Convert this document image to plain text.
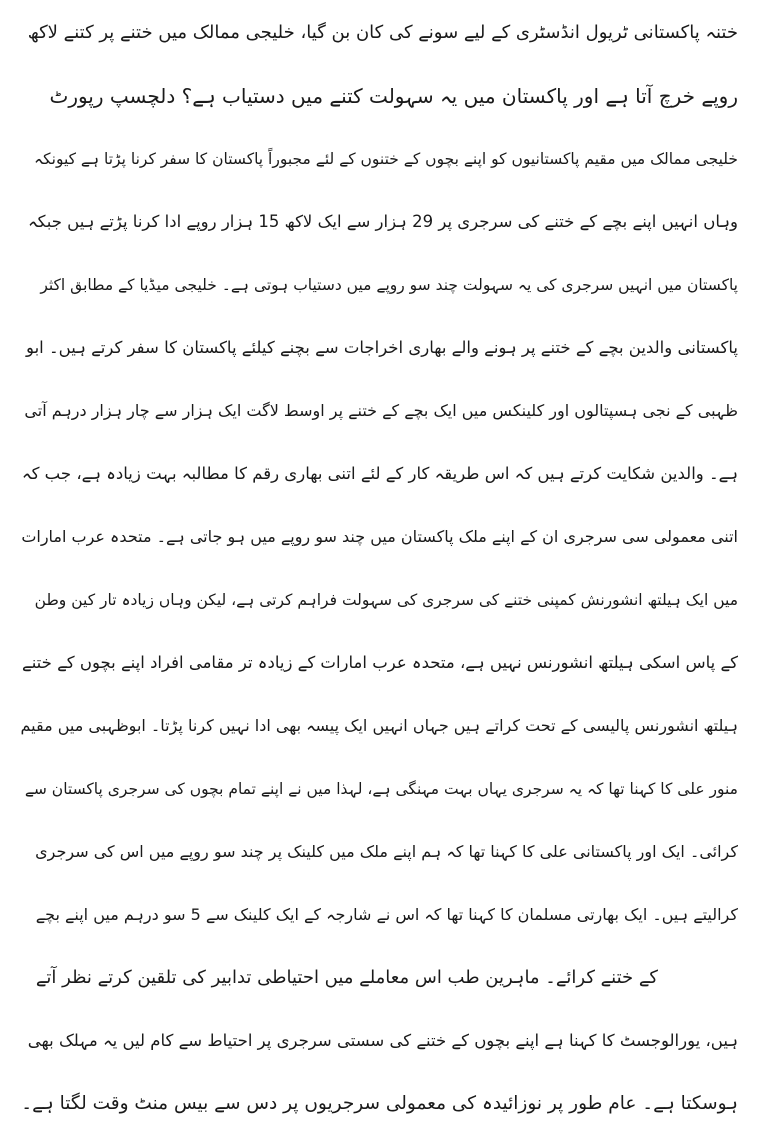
ختنہ پاکستانی ٹریول انڈسٹری کے لیے سونے کی کان بن گیا، خلیجی ممالک میں ختنے پر کتنے لاکھ
روپے خرچ آتا ہے اور پاکستان میں یہ سہولت کتنے میں دستیاب ہے؟ دلچسپ رپورٹ
خلیجی ممالک میں مقیم پاکستانیوں کو اپنے بچوں کے ختنوں کے لئے مجبوراً پاکستان کا سفر کرنا پڑتا ہے کیونکہ
وہاں انہیں اپنے بچے کے ختنے کی سرجری پر 29 ہزار سے ایک لاکھ 15 ہزار روپے ادا کرنا پڑتے ہیں جبکہ
پاکستان میں انہیں سرجری کی یہ سہولت چند سو روپے میں دستیاب ہوتی ہے۔ خلیجی میڈیا کے مطابق اکثر
پاکستانی والدین بچے کے ختنے پر ہونے والے بھاری اخراجات سے بچنے کیلئے پاکستان کا سفر کرتے ہیں۔ ابو
ظہبی کے نجی ہسپتالوں اور کلینکس میں ایک بچے کے ختنے پر اوسط لاگت ایک ہزار سے چار ہزار درہم آتی
ہے۔ والدین شکایت کرتے ہیں کہ اس طریقہ کار کے لئے اتنی بھاری رقم کا مطالبہ بہت زیادہ ہے، جب کہ
اتنی معمولی سی سرجری ان کے اپنے ملک پاکستان میں چند سو روپے میں ہو جاتی ہے۔ متحدہ عرب امارات
میں ایک ہیلتھ انشورنش کمپنی ختنے کی سرجری کی سہولت فراہم کرتی ہے، لیکن وہاں زیادہ تار کین وطن
کے پاس اسکی ہیلتھ انشورنس نہیں ہے، متحدہ عرب امارات کے زیادہ تر مقامی افراد اپنے بچوں کے ختنے
ہیلتھ انشورنس پالیسی کے تحت کراتے ہیں جہاں انہیں ایک پیسہ بھی ادا نہیں کرنا پڑتا۔ ابوظہبی میں مقیم
منور علی کا کہنا تھا کہ یہ سرجری یہاں بہت مہنگی ہے، لہذا میں نے اپنے تمام بچوں کی سرجری پاکستان سے
کرائی۔ ایک اور پاکستانی علی کا کہنا تھا کہ ہم اپنے ملک میں کلینک پر چند سو روپے میں اس کی سرجری
کرالیتے ہیں۔ ایک بھارتی مسلمان کا کہنا تھا کہ اس نے شارجہ کے ایک کلینک سے 5 سو درہم میں اپنے بچے
کے ختنے کرائے۔ ماہرین طب اس معاملے میں احتیاطی تدابیر کی تلقین کرتے نظر آتے
ہیں، یورالوجسٹ کا کہنا ہے اپنے بچوں کے ختنے کی سستی سرجری پر احتیاط سے کام لیں یہ مہلک بھی
ہوسکتا ہے۔ عام طور پر نوزائیدہ کی معمولی سرجریوں پر دس سے بیس منٹ وقت لگتا ہے۔
